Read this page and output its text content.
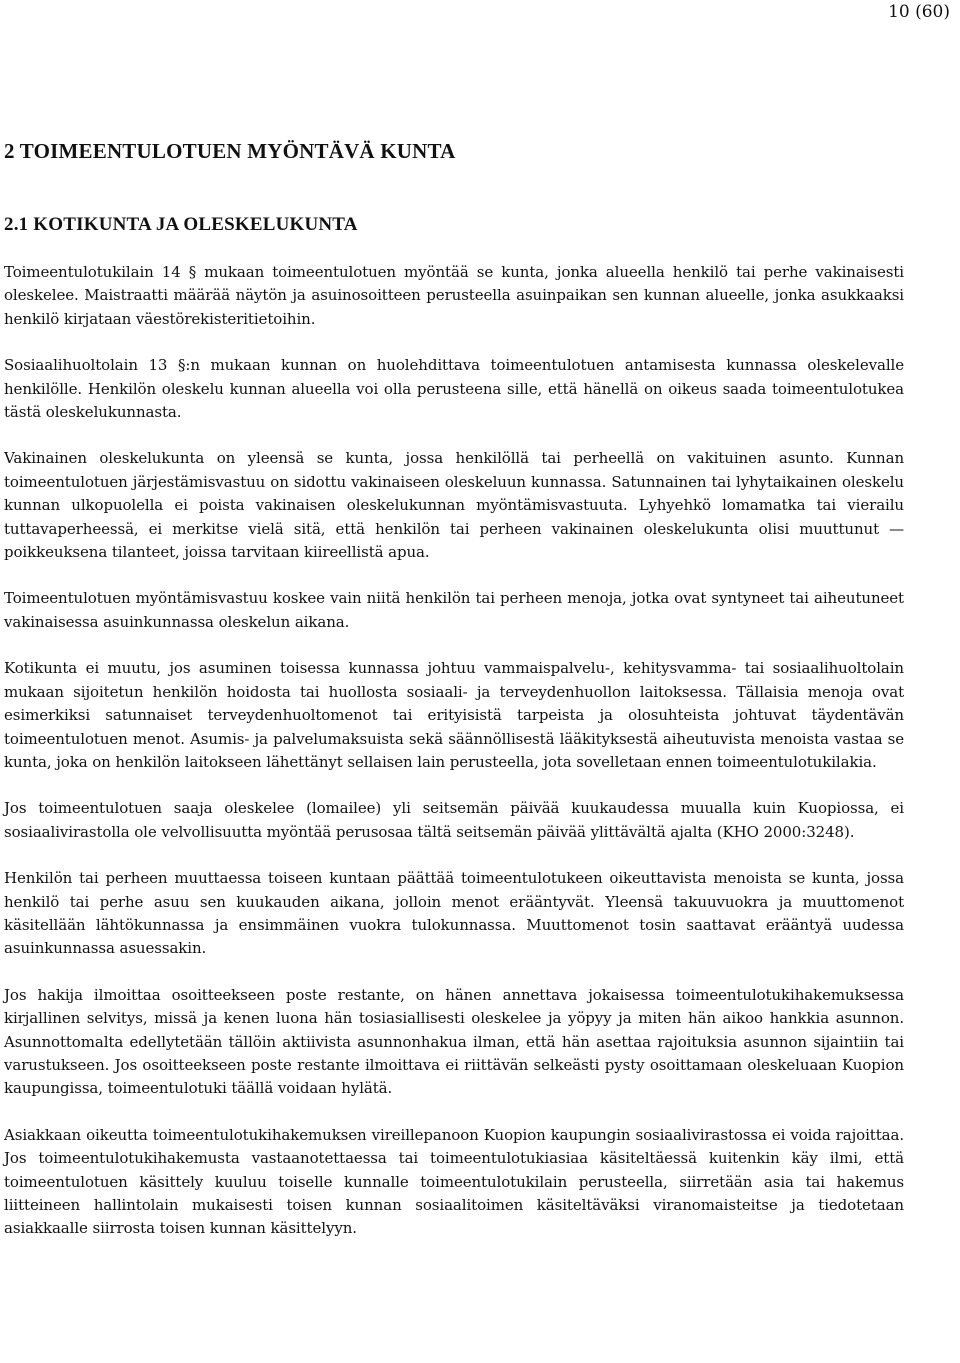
10 (60)
2 TOIMEENTULOTUEN MYÖNTÄVÄ KUNTA
2.1 KOTIKUNTA JA OLESKELUKUNTA

Toimeentulotukilain 14 § mukaan toimeentulotuen myöntää se kunta, jonka alueella henkilö tai perhe vakinaisesti oleskelee. Maistraatti määrää näytön ja asuinosoitteen perusteella asuinpaikan sen kunnan alueelle, jonka asukkaaksi henkilö kirjataan väestörekisteritietoihin.

Sosiaalihuoltolain 13 §:n mukaan kunnan on huolehdittava toimeentulotuen antamisesta kunnassa oleskelevalle henkilölle. Henkilön oleskelu kunnan alueella voi olla perusteena sille, että hänellä on oikeus saada toimeentulotukea tästä oleskelukunnasta.

Vakinainen oleskelukunta on yleensä se kunta, jossa henkilöllä tai perheellä on vakituinen asunto. Kunnan toimeentulotuen järjestämisvastuu on sidottu vakinaiseen oleskeluun kunnassa. Satunnainen tai lyhytaikainen oleskelu kunnan ulkopuolella ei poista vakinaisen oleskelukunnan myöntämisvastuuta. Lyhyehkö lomamatka tai vierailu tuttavaperheessä, ei merkitse vielä sitä, että henkilön tai perheen vakinainen oleskelukunta olisi muuttunut — poikkeuksena tilanteet, joissa tarvitaan kiireellistä apua.

Toimeentulotuen myöntämisvastuu koskee vain niitä henkilön tai perheen menoja, jotka ovat syntyneet tai aiheutuneet vakinaisessa asuinkunnassa oleskelun aikana.

Kotikunta ei muutu, jos asuminen toisessa kunnassa johtuu vammaispalvelu-, kehitysvamma- tai sosiaalihuoltolain mukaan sijoitetun henkilön hoidosta tai huollosta sosiaali- ja terveydenhuollon laitoksessa. Tällaisia menoja ovat esimerkiksi satunnaiset terveydenhuoltomenot tai erityisistä tarpeista ja olosuhteista johtuvat täydentävän toimeentulotuen menot. Asumis- ja palvelumaksuista sekä säännöllisestä lääkityksestä aiheutuvista menoista vastaa se kunta, joka on henkilön laitokseen lähettänyt sellaisen lain perusteella, jota sovelletaan ennen toimeentulotukilakia.

Jos toimeentulotuen saaja oleskelee (lomailee) yli seitsemän päivää kuukaudessa muualla kuin Kuopiossa, ei sosiaalivirastolla ole velvollisuutta myöntää perusosaa tältä seitsemän päivää ylittävältä ajalta (KHO 2000:3248).

Henkilön tai perheen muuttaessa toiseen kuntaan päättää toimeentulotukeen oikeuttavista menoista se kunta, jossa henkilö tai perhe asuu sen kuukauden aikana, jolloin menot erääntyvät. Yleensä takuuvuokra ja muuttomenot käsitellään lähtökunnassa ja ensimmäinen vuokra tulokunnassa. Muuttomenot tosin saattavat erääntyä uudessa asuinkunnassa asuessakin.

Jos hakija ilmoittaa osoitteekseen poste restante, on hänen annettava jokaisessa toimeentulotukihakemuksessa kirjallinen selvitys, missä ja kenen luona hän tosiasiallisesti oleskelee ja yöpyy ja miten hän aikoo hankkia asunnon. Asunnottomalta edellytetään tällöin aktiivista asunnonhakua ilman, että hän asettaa rajoituksia asunnon sijaintiin tai varustukseen. Jos osoitteekseen poste restante ilmoittava ei riittävän selkeästi pysty osoittamaan oleskeluaan Kuopion kaupungissa, toimeentulotuki täällä voidaan hylätä.

Asiakkaan oikeutta toimeentulotukihakemuksen vireillepanoon Kuopion kaupungin sosiaalivirastossa ei voida rajoittaa. Jos toimeentulotukihakemusta vastaanotettaessa tai toimeentulotukiasiaa käsiteltäessä kuitenkin käy ilmi, että toimeentulotuen käsittely kuuluu toiselle kunnalle toimeentulotukilain perusteella, siirretään asia tai hakemus liitteineen hallintolain mukaisesti toisen kunnan sosiaalitoimen käsiteltäväksi viranomaisteitse ja tiedotetaan asiakkaalle siirrosta toisen kunnan käsittelyyn.
